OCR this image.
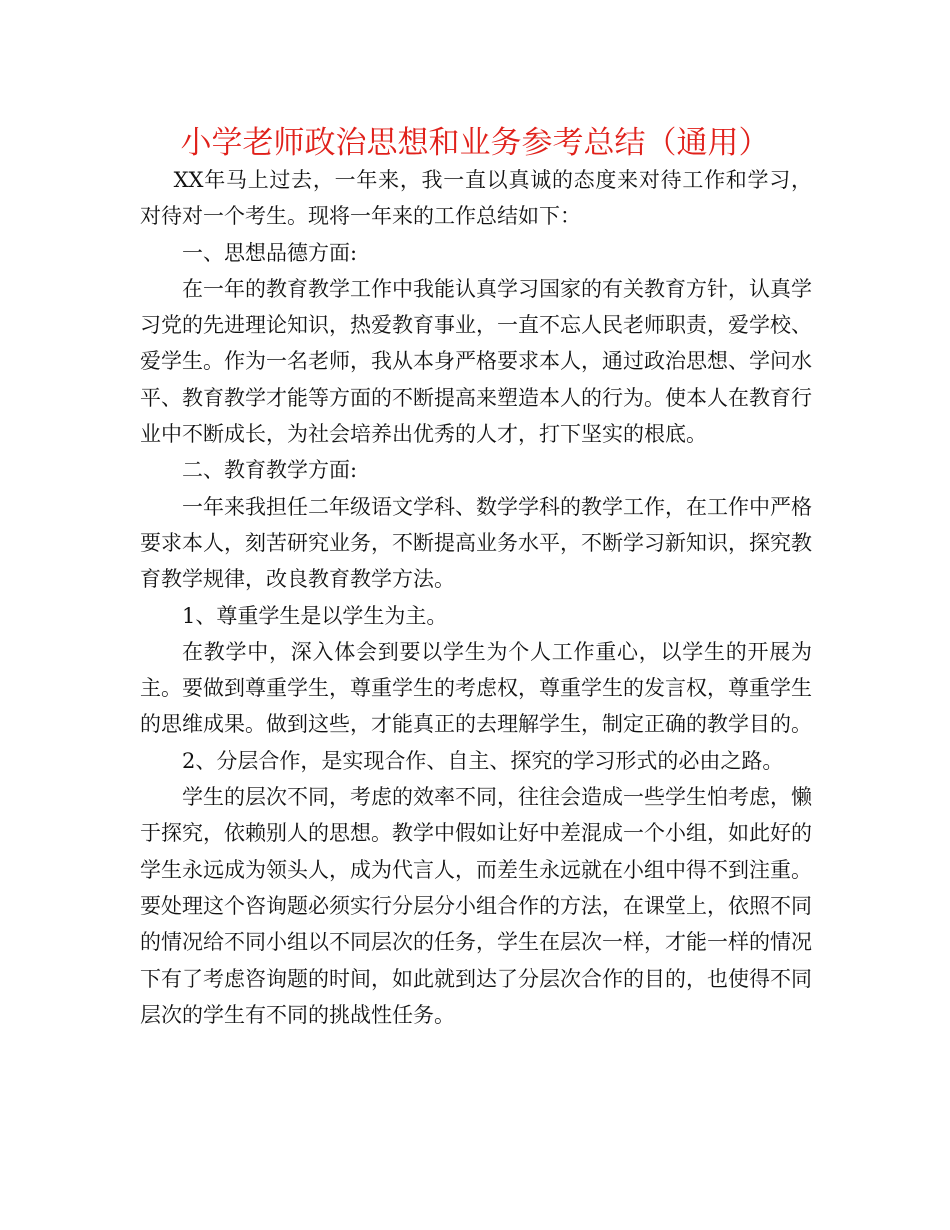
小学老师政治思想和业务参考总结（通用）

XX年马上过去，一年来，我一直以真诚的态度来对待工作和学习，对待对一个考生。现将一年来的工作总结如下：

一、思想品德方面:

在一年的教育教学工作中我能认真学习国家的有关教育方针，认真学习党的先进理论知识，热爱教育事业，一直不忘人民老师职责，爱学校、爱学生。作为一名老师，我从本身严格要求本人，通过政治思想、学问水平、教育教学才能等方面的不断提高来塑造本人的行为。使本人在教育行业中不断成长，为社会培养出优秀的人才，打下坚实的根底。

二、教育教学方面:

一年来我担任二年级语文学科、数学学科的教学工作，在工作中严格要求本人，刻苦研究业务，不断提高业务水平，不断学习新知识，探究教育教学规律，改良教育教学方法。

1、尊重学生是以学生为主。

在教学中，深入体会到要以学生为个人工作重心，以学生的开展为主。要做到尊重学生，尊重学生的考虑权，尊重学生的发言权，尊重学生的思维成果。做到这些，才能真正的去理解学生，制定正确的教学目的。

2、分层合作，是实现合作、自主、探究的学习形式的必由之路。

学生的层次不同，考虑的效率不同，往往会造成一些学生怕考虑，懒于探究，依赖别人的思想。教学中假如让好中差混成一个小组，如此好的学生永远成为领头人，成为代言人，而差生永远就在小组中得不到注重。要处理这个咨询题必须实行分层分小组合作的方法，在课堂上，依照不同的情况给不同小组以不同层次的任务，学生在层次一样，才能一样的情况下有了考虑咨询题的时间，如此就到达了分层次合作的目的，也使得不同层次的学生有不同的挑战性任务。
